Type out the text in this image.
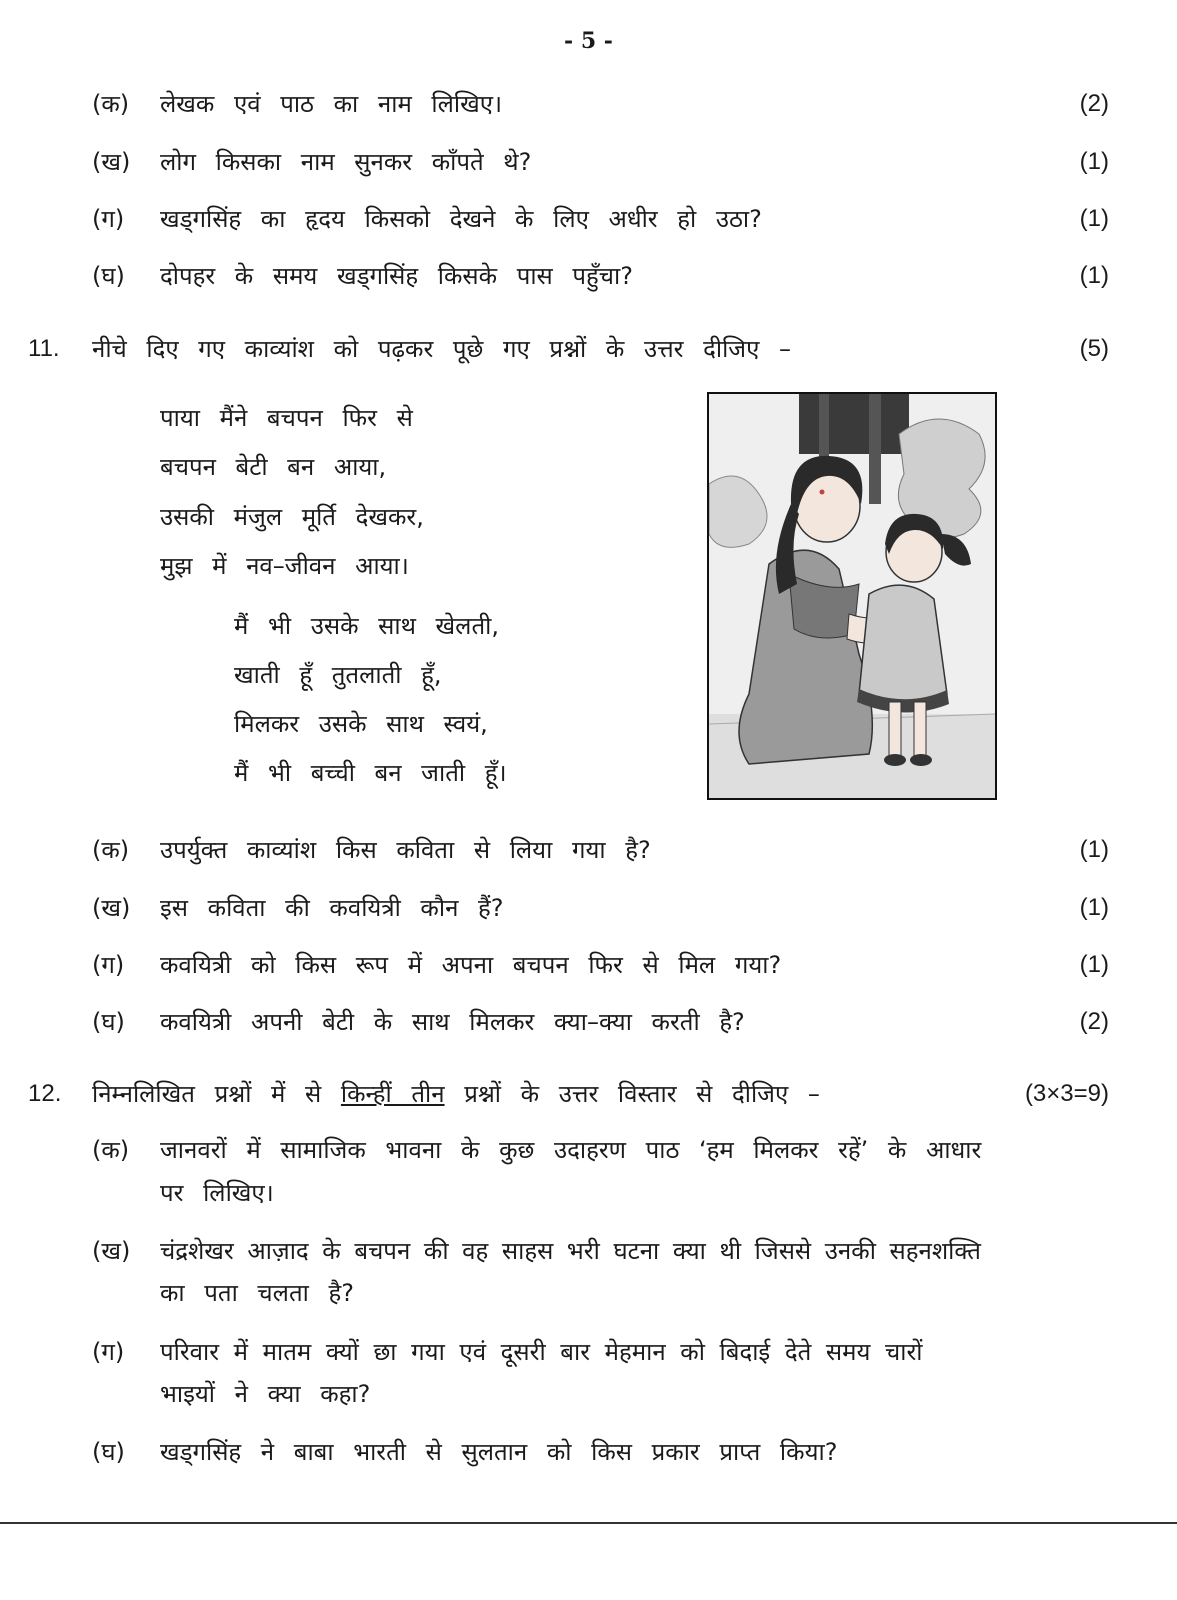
- 5 -
(क) लेखक एवं पाठ का नाम लिखिए।	(2)
(ख) लोग किसका नाम सुनकर काँपते थे?	(1)
(ग) खड्गसिंह का हृदय किसको देखने के लिए अधीर हो उठा?	(1)
(घ) दोपहर के समय खड्गसिंह किसके पास पहुँचा?	(1)
11. नीचे दिए गए काव्यांश को पढ़कर पूछे गए प्रश्नों के उत्तर दीजिए –	(5)
पाया मैंने बचपन फिर से
बचपन बेटी बन आया,
उसकी मंजुल मूर्ति देखकर,
मुझ में नव–जीवन आया।
मैं भी उसके साथ खेलती,
खाती हूँ तुतलाती हूँ,
मिलकर उसके साथ स्वयं,
मैं भी बच्ची बन जाती हूँ।
(क) उपर्युक्त काव्यांश किस कविता से लिया गया है?	(1)
(ख) इस कविता की कवयित्री कौन हैं?	(1)
(ग) कवयित्री को किस रूप में अपना बचपन फिर से मिल गया?	(1)
(घ) कवयित्री अपनी बेटी के साथ मिलकर क्या–क्या करती है?	(2)
12. निम्नलिखित प्रश्नों में से किन्हीं तीन प्रश्नों के उत्तर विस्तार से दीजिए –	(3×3=9)
(क) जानवरों में सामाजिक भावना के कुछ उदाहरण पाठ ‘हम मिलकर रहें’ के आधार
पर लिखिए।
(ख) चंद्रशेखर आज़ाद के बचपन की वह साहस भरी घटना क्या थी जिससे उनकी सहनशक्ति
का पता चलता है?
(ग) परिवार में मातम क्यों छा गया एवं दूसरी बार मेहमान को बिदाई देते समय चारों
भाइयों ने क्या कहा?
(घ) खड्गसिंह ने बाबा भारती से सुलतान को किस प्रकार प्राप्त किया?
